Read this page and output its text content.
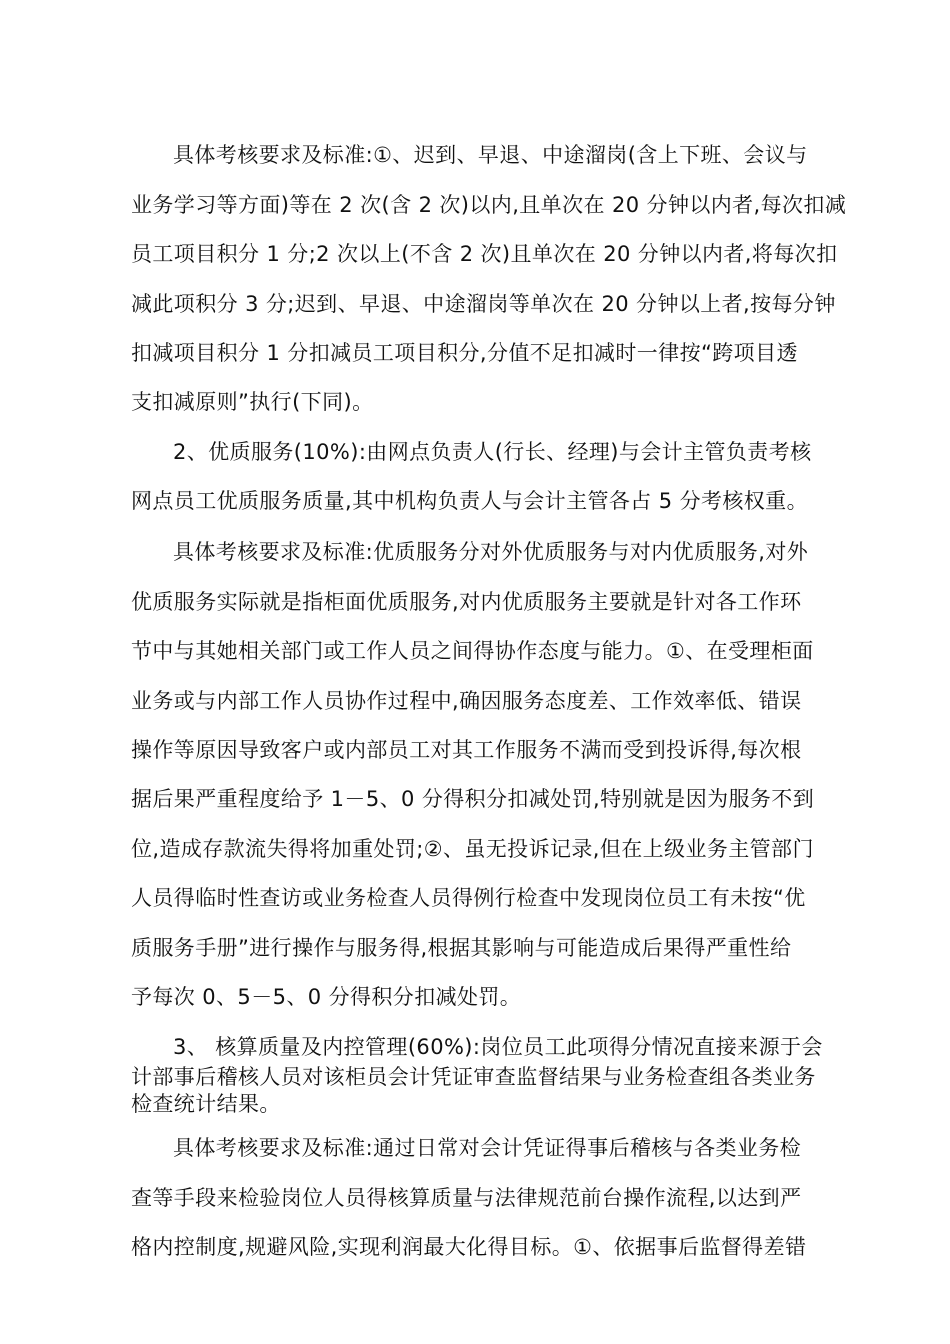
具体考核要求及标准:①、迟到、早退、中途溜岗(含上下班、会议与
业务学习等方面)等在 2 次(含 2 次)以内,且单次在 20 分钟以内者,每次扣减
员工项目积分 1 分;2 次以上(不含 2 次)且单次在 20 分钟以内者,将每次扣
减此项积分 3 分;迟到、早退、中途溜岗等单次在 20 分钟以上者,按每分钟
扣减项目积分 1 分扣减员工项目积分,分值不足扣减时一律按“跨项目透
支扣减原则”执行(下同)。
2、优质服务(10%):由网点负责人(行长、经理)与会计主管负责考核
网点员工优质服务质量,其中机构负责人与会计主管各占 5 分考核权重。
具体考核要求及标准:优质服务分对外优质服务与对内优质服务,对外
优质服务实际就是指柜面优质服务,对内优质服务主要就是针对各工作环
节中与其她相关部门或工作人员之间得协作态度与能力。①、在受理柜面
业务或与内部工作人员协作过程中,确因服务态度差、工作效率低、错误
操作等原因导致客户或内部员工对其工作服务不满而受到投诉得,每次根
据后果严重程度给予 1－5、0 分得积分扣减处罚,特别就是因为服务不到
位,造成存款流失得将加重处罚;②、虽无投诉记录,但在上级业务主管部门
人员得临时性查访或业务检查人员得例行检查中发现岗位员工有未按“优
质服务手册”进行操作与服务得,根据其影响与可能造成后果得严重性给
予每次 0、5－5、0 分得积分扣减处罚。
3、 核算质量及内控管理(60%):岗位员工此项得分情况直接来源于会
计部事后稽核人员对该柜员会计凭证审查监督结果与业务检查组各类业务
检查统计结果。
具体考核要求及标准:通过日常对会计凭证得事后稽核与各类业务检
查等手段来检验岗位人员得核算质量与法律规范前台操作流程,以达到严
格内控制度,规避风险,实现利润最大化得目标。①、依据事后监督得差错
